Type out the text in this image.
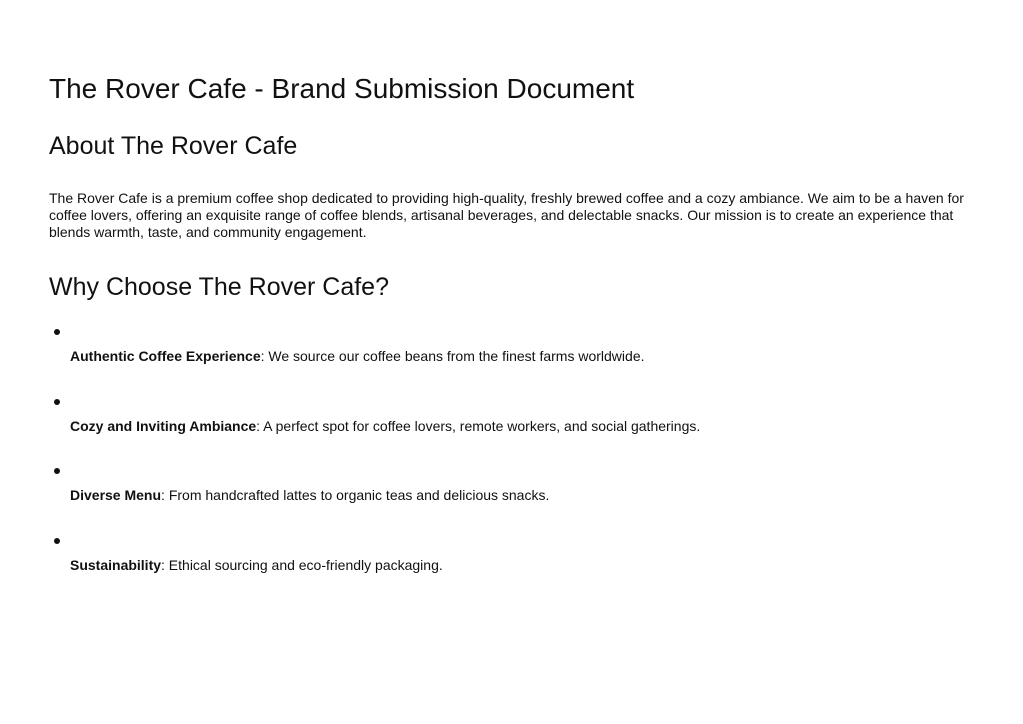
The Rover Cafe - Brand Submission Document
About The Rover Cafe

The Rover Cafe is a premium coffee shop dedicated to providing high-quality, freshly brewed coffee and a cozy ambiance. We aim to be a haven for coffee lovers, offering an exquisite range of coffee blends, artisanal beverages, and delectable snacks. Our mission is to create an experience that blends warmth, taste, and community engagement.

Why Choose The Rover Cafe?
Authentic Coffee Experience: We source our coffee beans from the finest farms worldwide.
Cozy and Inviting Ambiance: A perfect spot for coffee lovers, remote workers, and social gatherings.
Diverse Menu: From handcrafted lattes to organic teas and delicious snacks.
Sustainability: Ethical sourcing and eco-friendly packaging.
